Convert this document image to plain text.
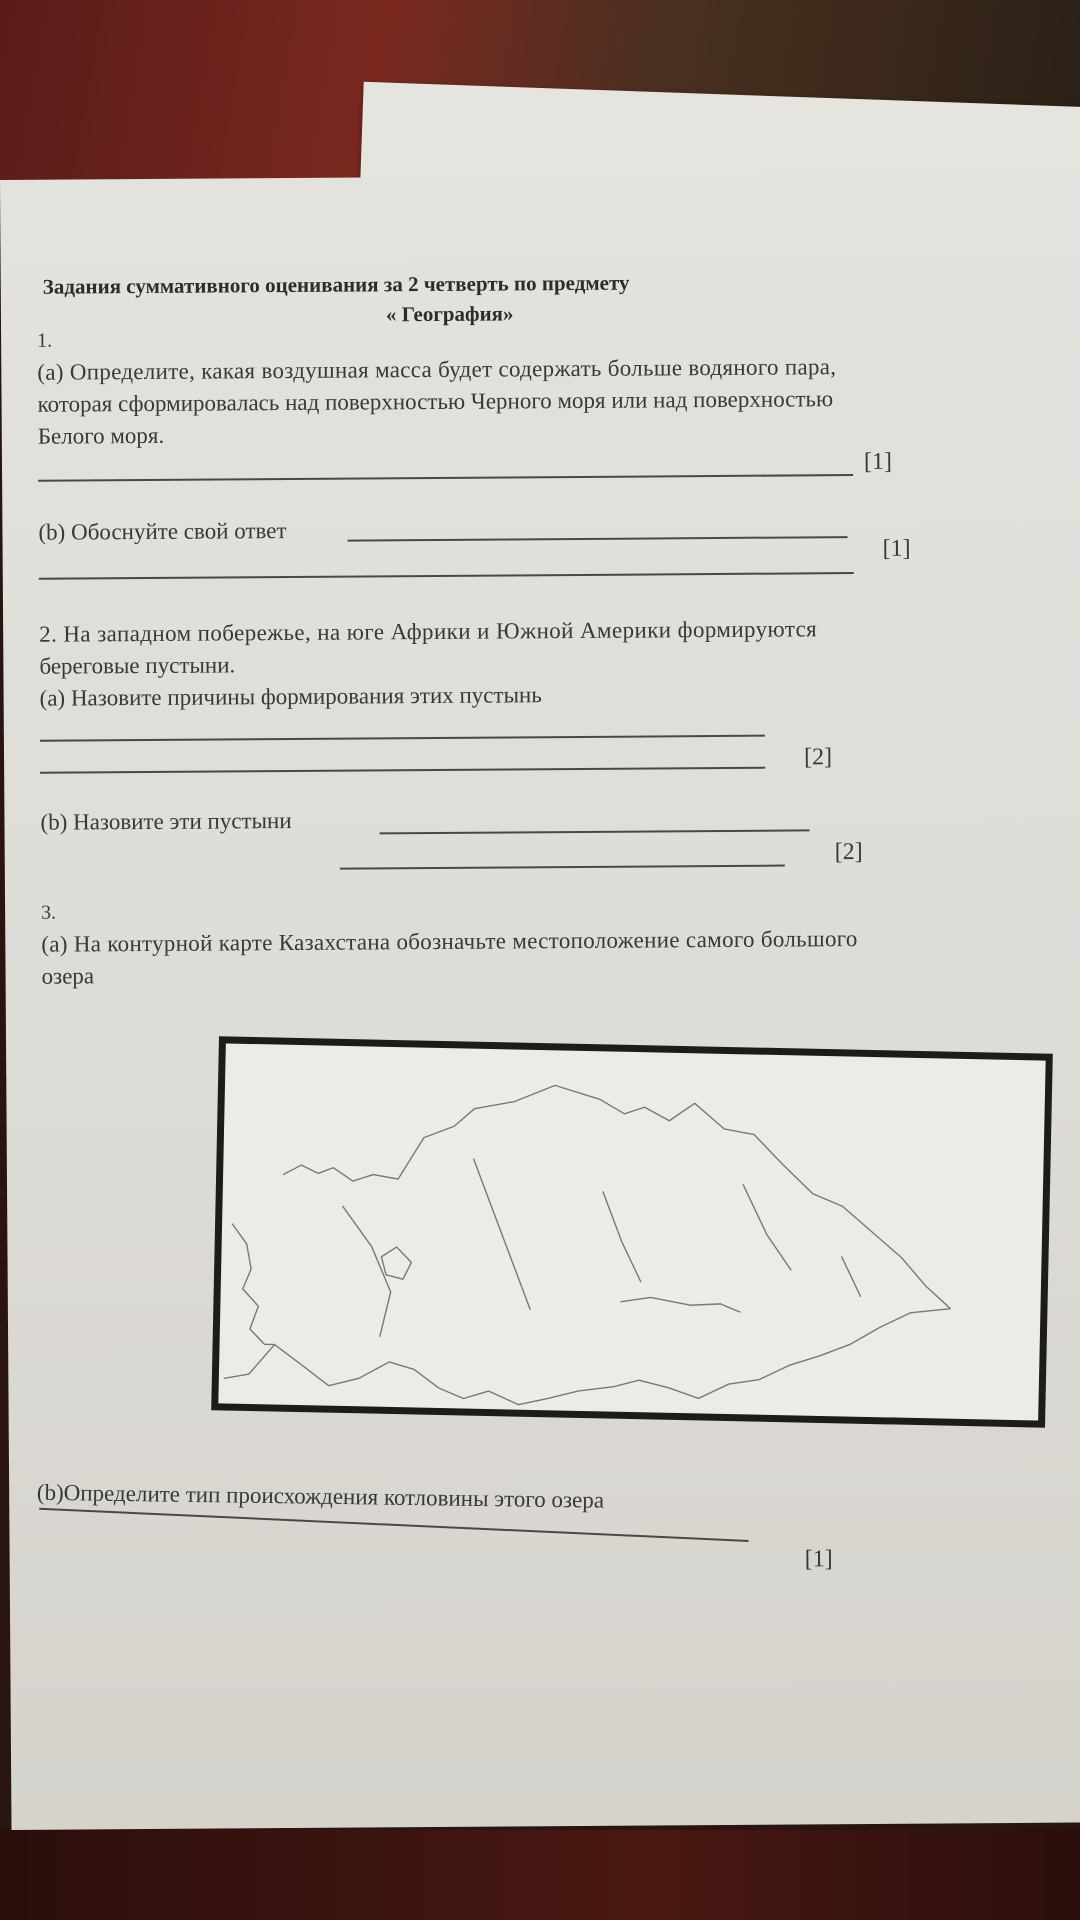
Задания суммативного оценивания за 2 четверть по предмету
« География»
1.
(a) Определите, какая воздушная масса будет содержать больше водяного пара,
которая сформировалась над поверхностью Черного моря или над поверхностью
Белого моря.
[1]
(b) Обоснуйте свой ответ
[1]
2. На западном побережье, на юге Африки и Южной Америки формируются
береговые пустыни.
(a) Назовите причины формирования этих пустынь
[2]
(b) Назовите эти пустыни
[2]
3.
(a) На контурной карте Казахстана обозначьте местоположение самого большого
озера
(b)Определите тип происхождения котловины этого озера
[1]
